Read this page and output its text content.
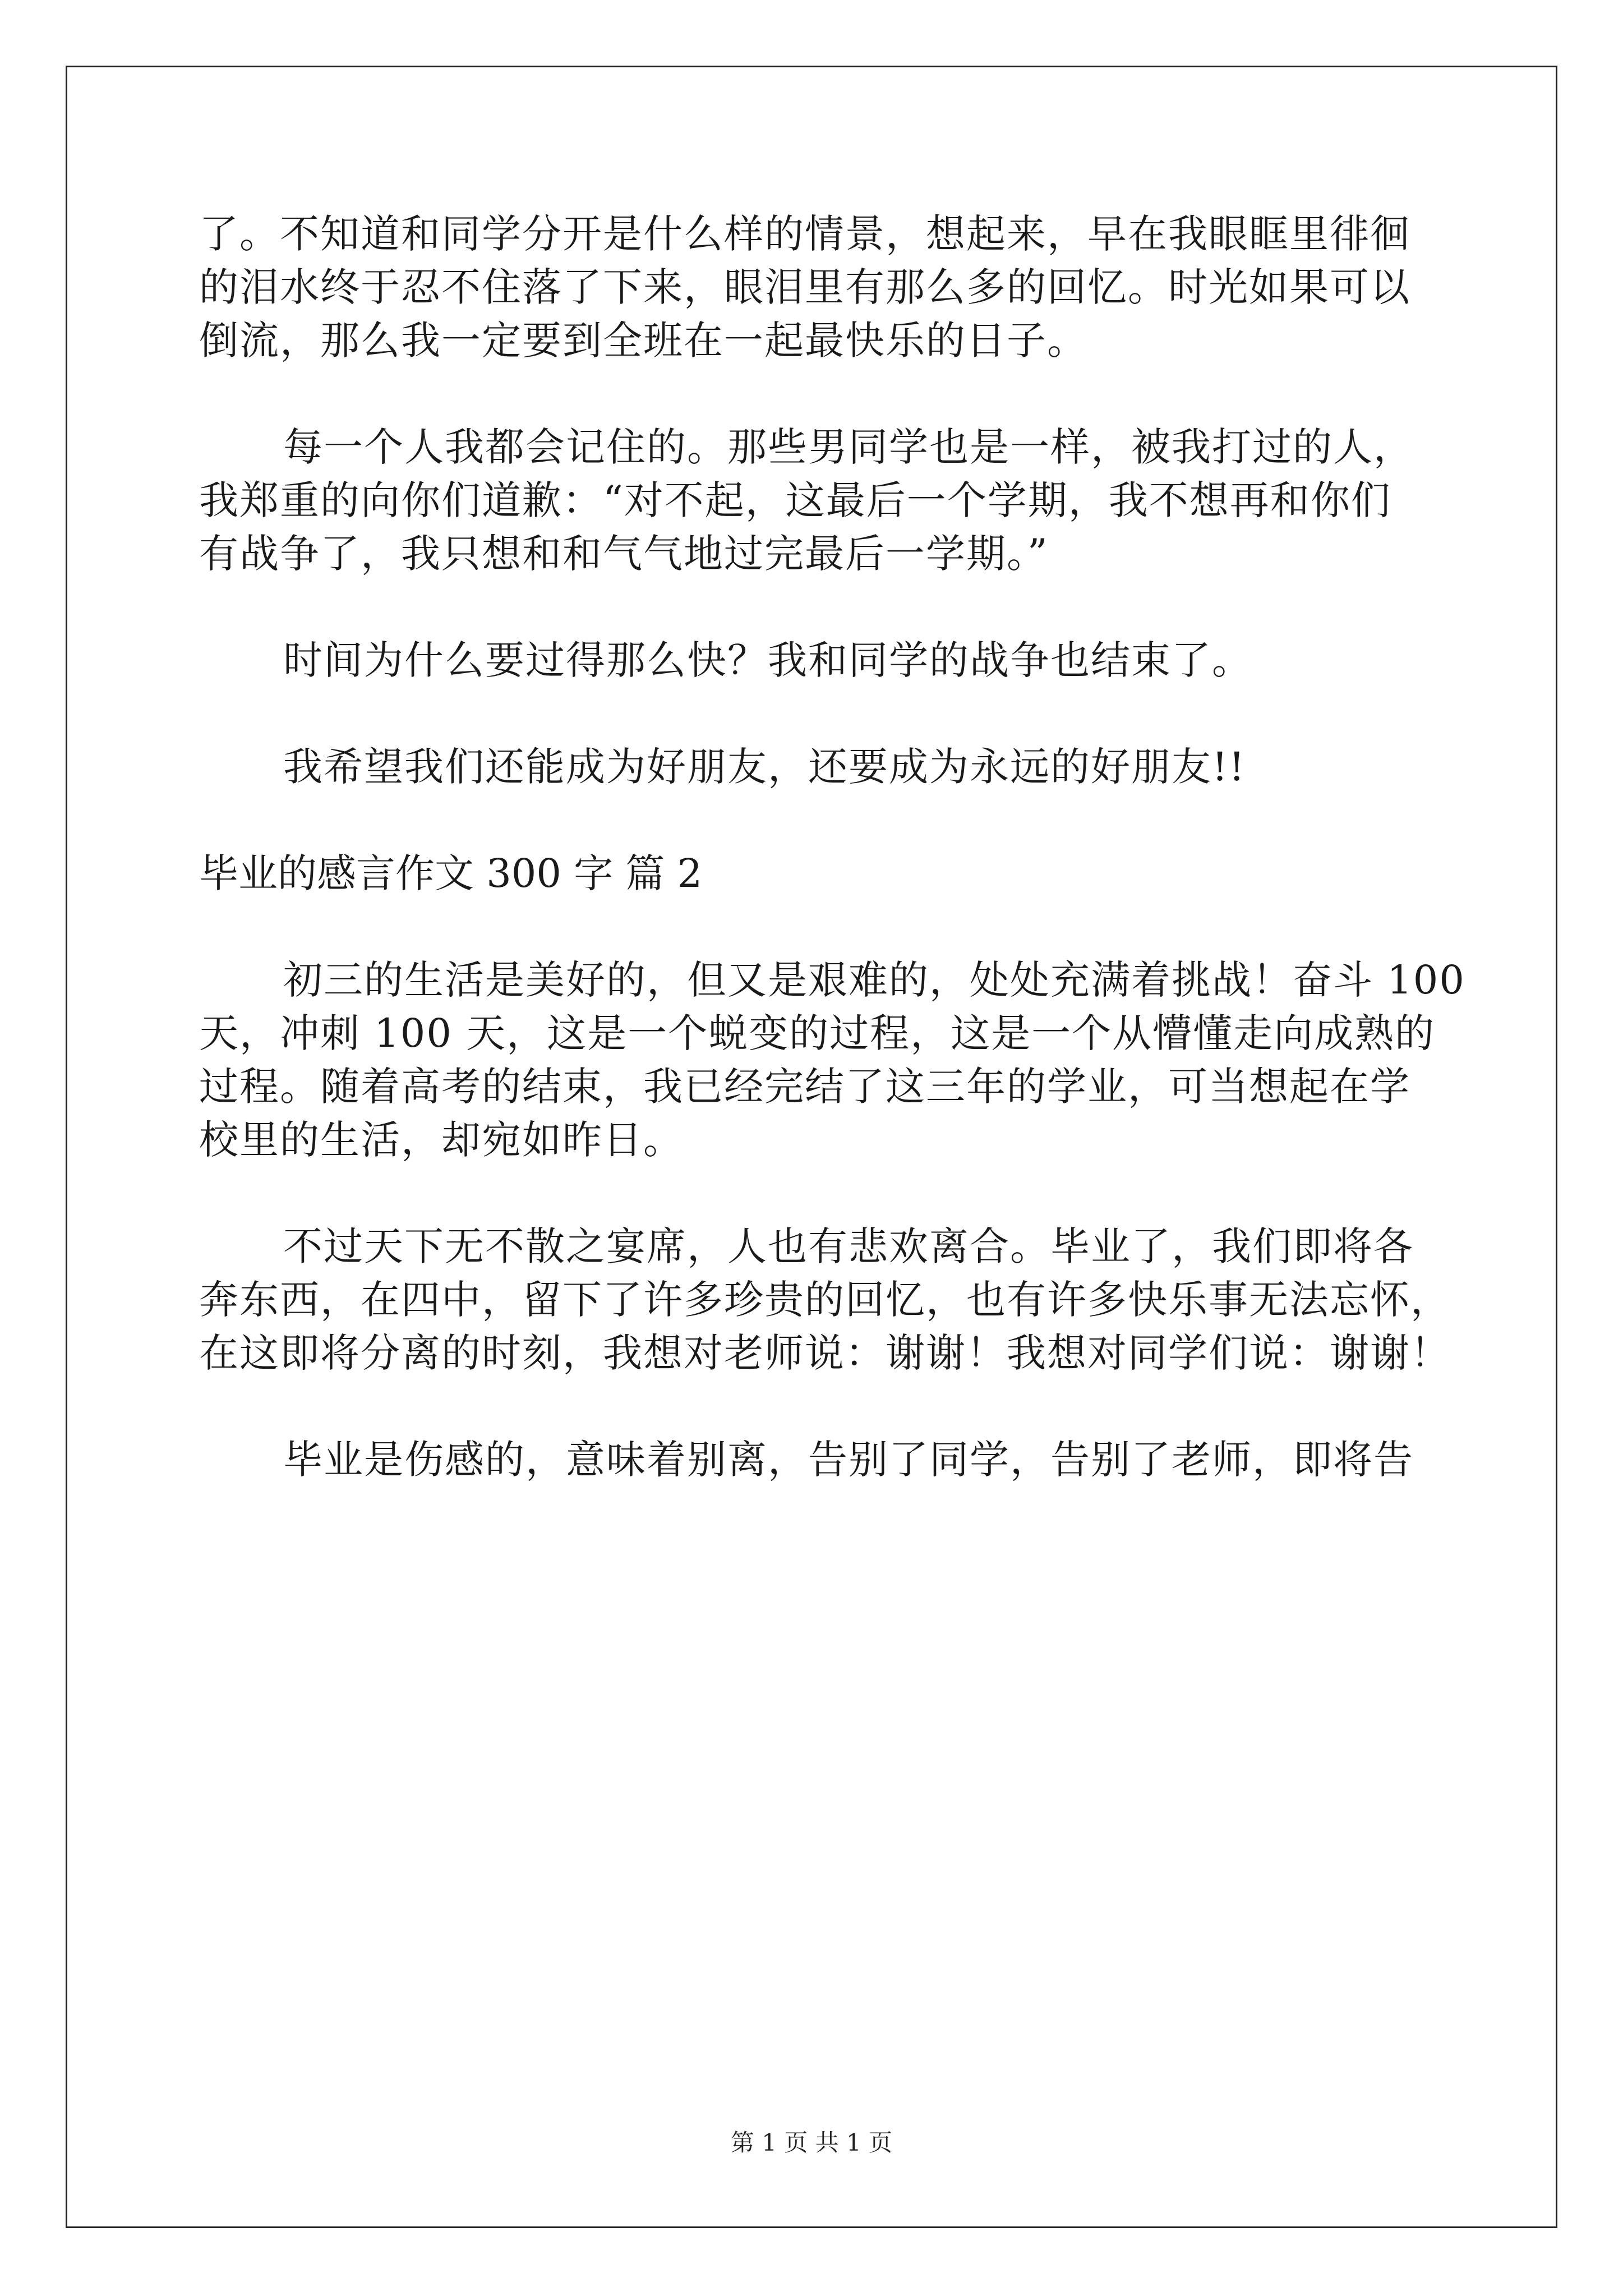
了。不知道和同学分开是什么样的情景，想起来，早在我眼眶里徘徊

的泪水终于忍不住落了下来，眼泪里有那么多的回忆。时光如果可以

倒流，那么我一定要到全班在一起最快乐的日子。

每一个人我都会记住的。那些男同学也是一样，被我打过的人，

我郑重的向你们道歉：“对不起，这最后一个学期，我不想再和你们

有战争了，我只想和和气气地过完最后一学期。”

时间为什么要过得那么快？我和同学的战争也结束了。

我希望我们还能成为好朋友，还要成为永远的好朋友!!

毕业的感言作文 300 字 篇 2

初三的生活是美好的，但又是艰难的，处处充满着挑战！奋斗 100

天，冲刺 100 天，这是一个蜕变的过程，这是一个从懵懂走向成熟的

过程。随着高考的结束，我已经完结了这三年的学业，可当想起在学

校里的生活，却宛如昨日。

不过天下无不散之宴席，人也有悲欢离合。毕业了，我们即将各

奔东西，在四中，留下了许多珍贵的回忆，也有许多快乐事无法忘怀，

在这即将分离的时刻，我想对老师说：谢谢！我想对同学们说：谢谢！

毕业是伤感的，意味着别离，告别了同学，告别了老师，即将告

第 1 页 共 1 页
